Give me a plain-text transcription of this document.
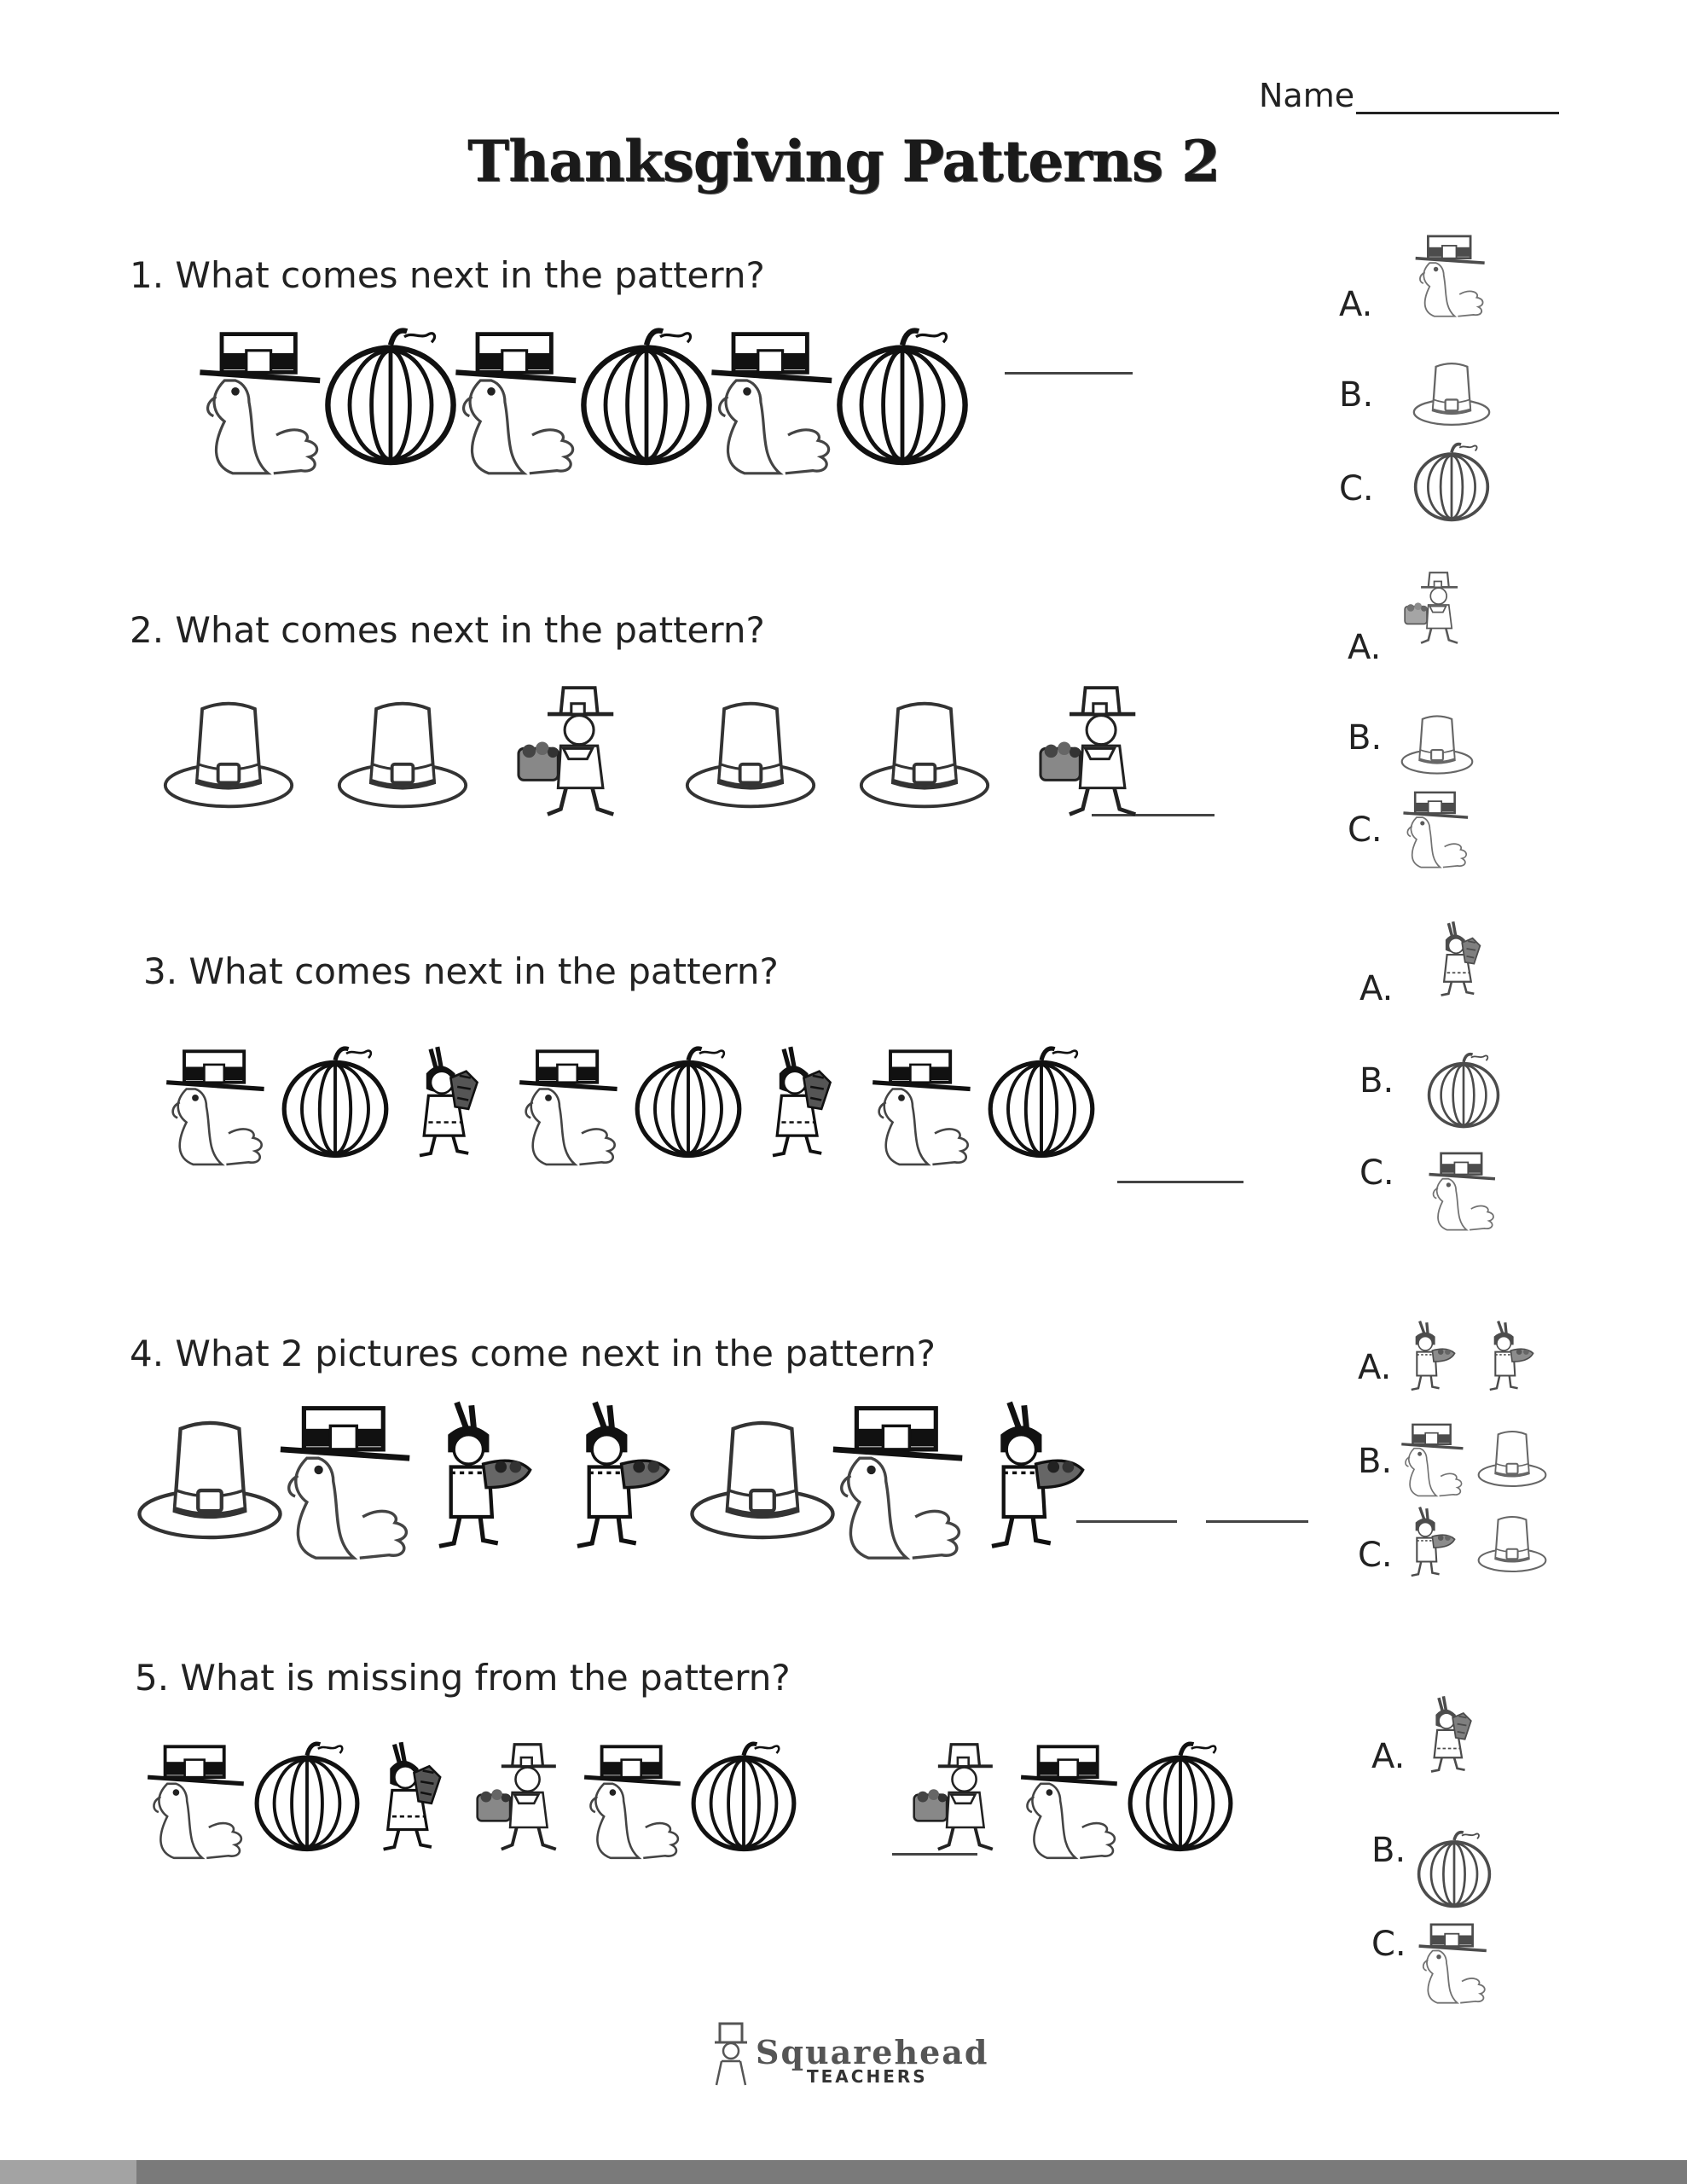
Name
Thanksgiving Patterns 2
1. What comes next in the pattern?
2. What comes next in the pattern?
3. What comes next in the pattern?
4. What 2 pictures come next in the pattern?
5. What is missing from the pattern?
A.
B.
C.
A.
B.
C.
A.
B.
C.
A.
B.
C.
A.
B.
C.
Squarehead
TEACHERS
